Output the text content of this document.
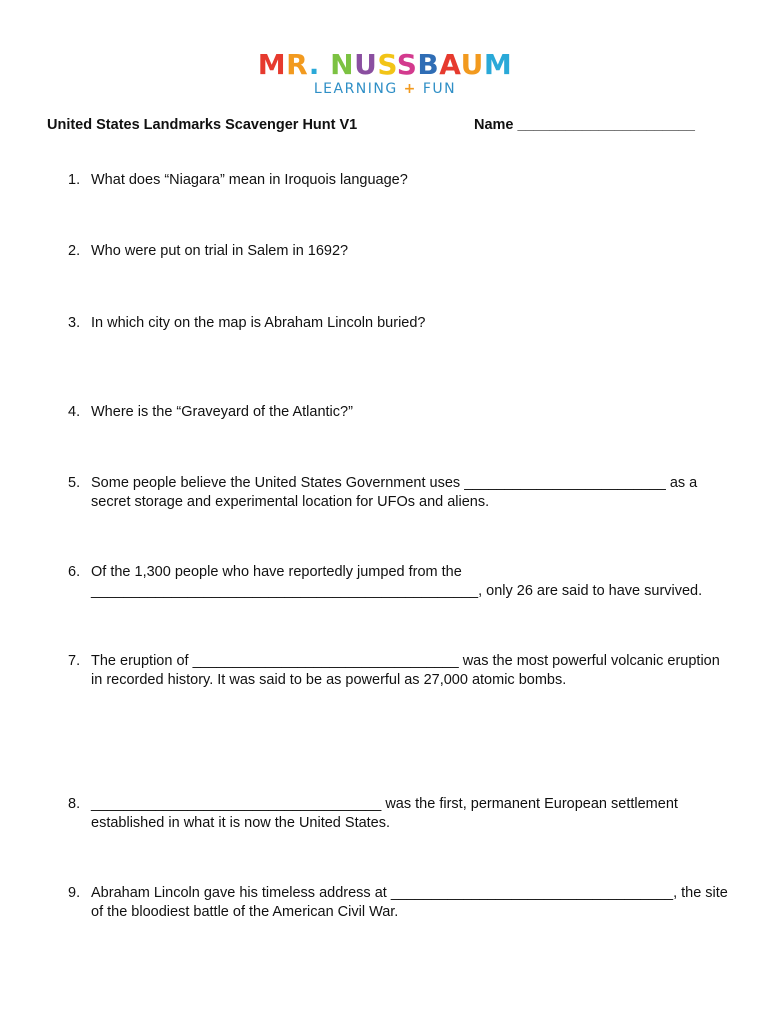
MR. NUSSBAUM
LEARNING + FUN
United States Landmarks Scavenger Hunt V1	Name ______________________
1. What does “Niagara” mean in Iroquois language?
2. Who were put on trial in Salem in 1692?
3. In which city on the map is Abraham Lincoln buried?
4. Where is the “Graveyard of the Atlantic?”
5. Some people believe the United States Government uses _________________________ as a secret storage and experimental location for UFOs and aliens.
6. Of the 1,300 people who have reportedly jumped from the ________________________________________________, only 26 are said to have survived.
7. The eruption of _________________________________ was the most powerful volcanic eruption in recorded history. It was said to be as powerful as 27,000 atomic bombs.
8. ____________________________________ was the first, permanent European settlement established in what it is now the United States.
9. Abraham Lincoln gave his timeless address at ___________________________________, the site of the bloodiest battle of the American Civil War.
